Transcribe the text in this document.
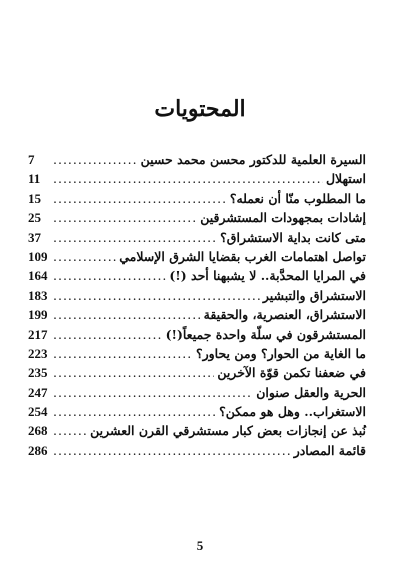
المحتويات
السيرة العلمية للدكتور محسن محمد حسين
.....
7
استهلال
.....
11
ما المطلوب منّا أن نعمله؟
.....
15
إشادات بمجهودات المستشرقين
.....
25
متى كانت بداية الاستشراق؟
.....
37
تواصل اهتمامات الغرب بقضايا الشرق الإسلامي
.....
109
في المرايا المحدَّبة.. لا يشبهنا أحد (!)
.....
164
الاستشراق والتبشير
.....
183
الاستشراق، العنصرية، والحقيقة
.....
199
المستشرقون في سلّة واحدة جميعاً(!)
.....
217
ما الغاية من الحوار؟ ومن يحاور؟
.....
223
في ضعفنا تكمن قوّة الآخرين
.....
235
الحرية والعقل صنوان
.....
247
الاستغراب.. وهل هو ممكن؟
.....
254
نُبذ عن إنجازات بعض كبار مستشرقي القرن العشرين
.....
268
قائمة المصادر
.....
286
5
